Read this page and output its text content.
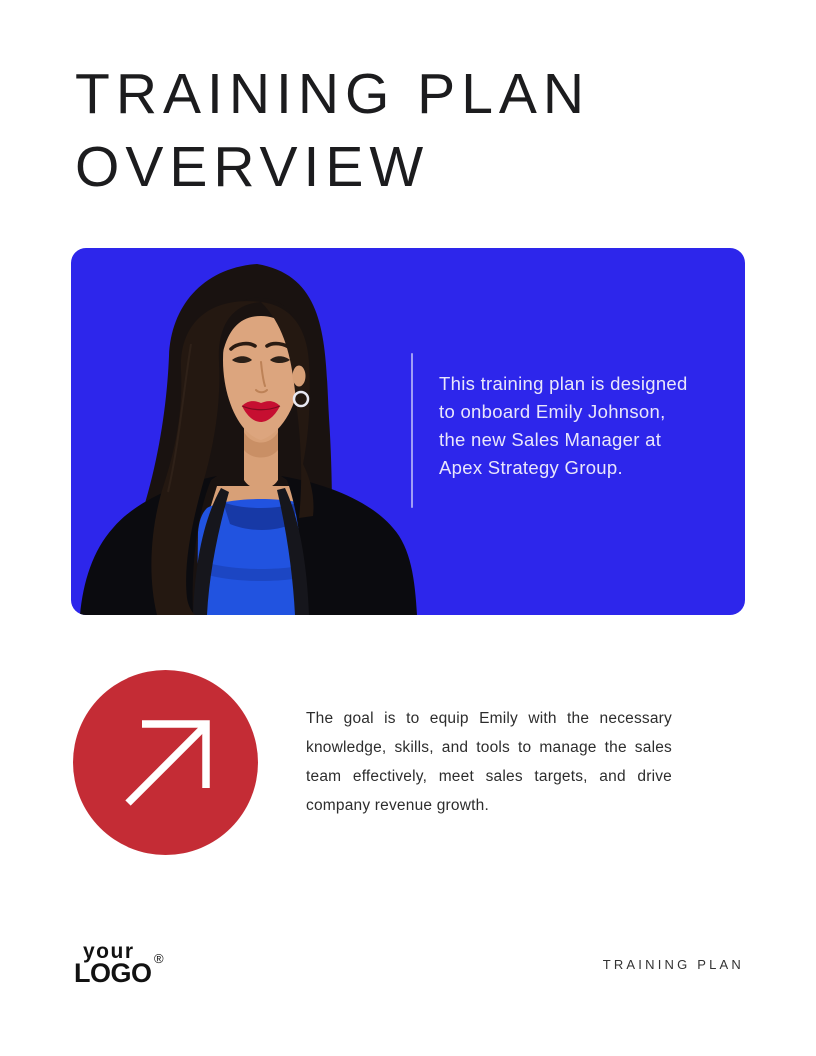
TRAINING PLAN
OVERVIEW
This training plan is designed
to onboard Emily Johnson,
the new Sales Manager at
Apex Strategy Group.

The goal is to equip Emily with the necessary knowledge, skills, and tools to manage the sales team effectively, meet sales targets, and drive company revenue growth.

your
LOGO ®	TRAINING PLAN
